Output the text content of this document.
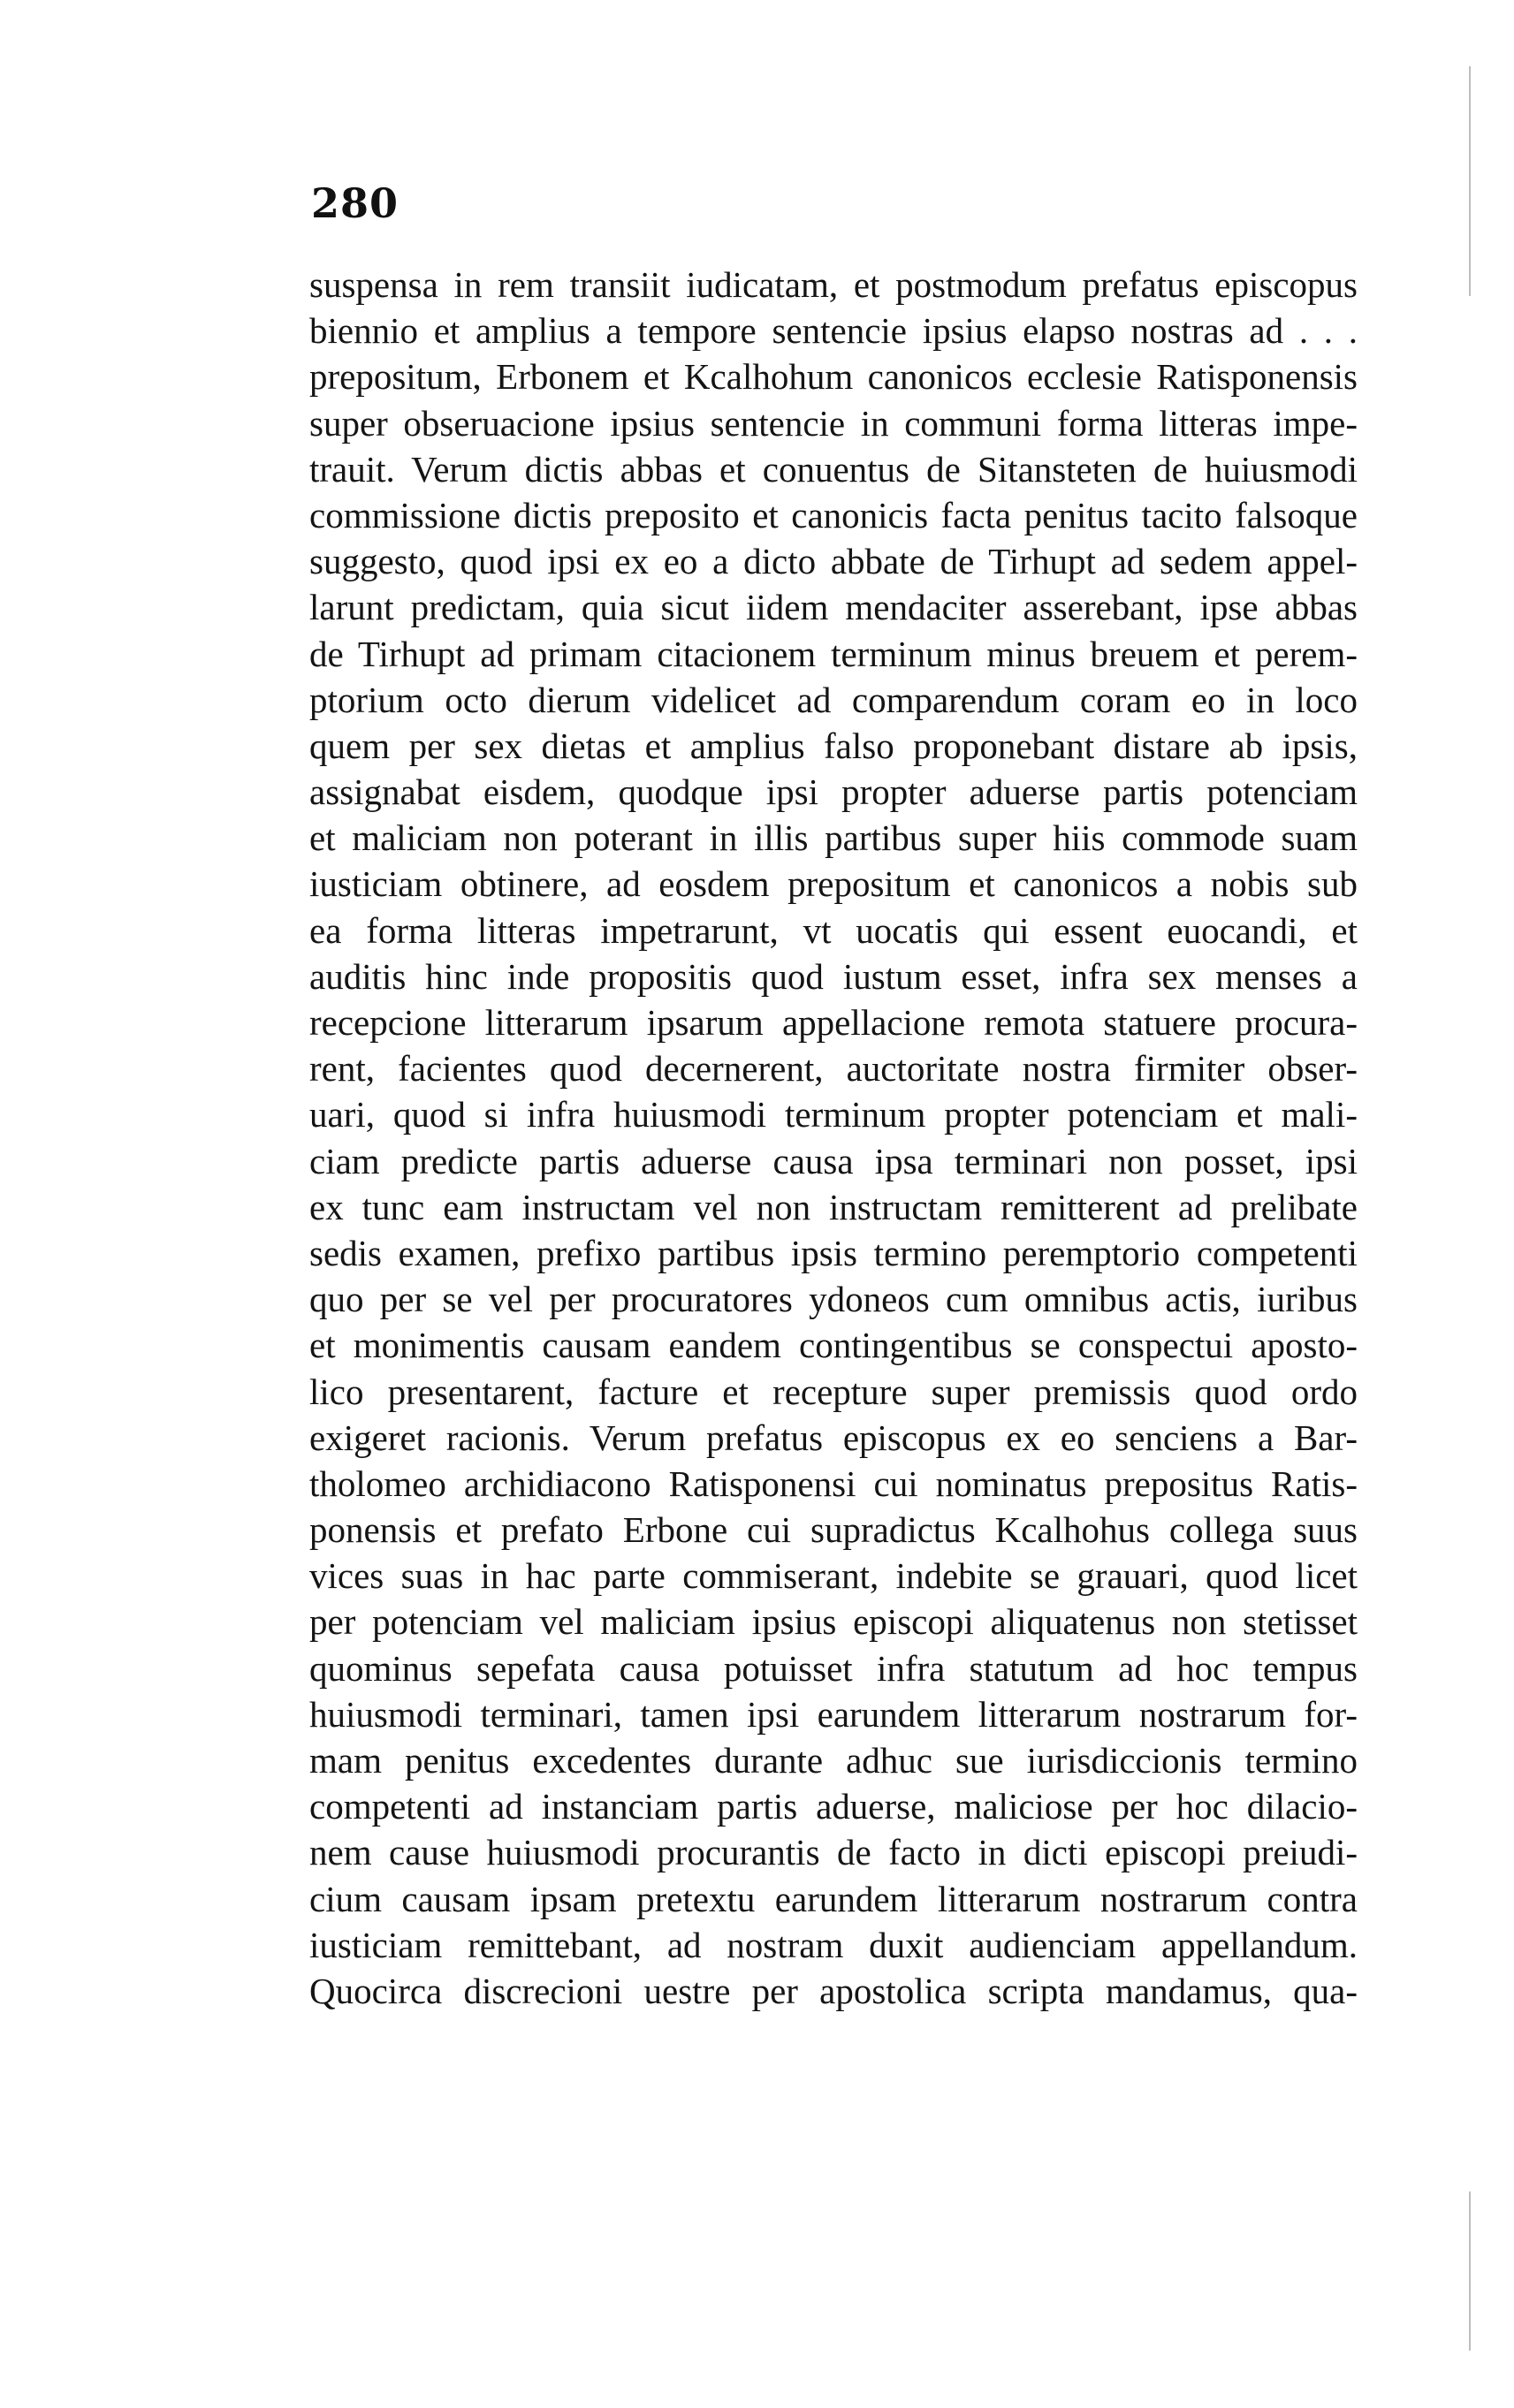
280
suspensa in rem transiit iudicatam, et postmodum prefatus episcopus
biennio et amplius a tempore sentencie ipsius elapso nostras ad . . .
prepositum, Erbonem et Kcalhohum canonicos ecclesie Ratisponensis
super obseruacione ipsius sentencie in communi forma litteras impe-
trauit. Verum dictis abbas et conuentus de Sitansteten de huiusmodi
commissione dictis preposito et canonicis facta penitus tacito falsoque
suggesto, quod ipsi ex eo a dicto abbate de Tirhupt ad sedem appel-
larunt predictam, quia sicut iidem mendaciter asserebant, ipse abbas
de Tirhupt ad primam citacionem terminum minus breuem et perem-
ptorium octo dierum videlicet ad comparendum coram eo in loco
quem per sex dietas et amplius falso proponebant distare ab ipsis,
assignabat eisdem, quodque ipsi propter aduerse partis potenciam
et maliciam non poterant in illis partibus super hiis commode suam
iusticiam obtinere, ad eosdem prepositum et canonicos a nobis sub
ea forma litteras impetrarunt, vt uocatis qui essent euocandi, et
auditis hinc inde propositis quod iustum esset, infra sex menses a
recepcione litterarum ipsarum appellacione remota statuere procura-
rent, facientes quod decernerent, auctoritate nostra firmiter obser-
uari, quod si infra huiusmodi terminum propter potenciam et mali-
ciam predicte partis aduerse causa ipsa terminari non posset, ipsi
ex tunc eam instructam vel non instructam remitterent ad prelibate
sedis examen, prefixo partibus ipsis termino peremptorio competenti
quo per se vel per procuratores ydoneos cum omnibus actis, iuribus
et monimentis causam eandem contingentibus se conspectui aposto-
lico presentarent, facture et recepture super premissis quod ordo
exigeret racionis. Verum prefatus episcopus ex eo senciens a Bar-
tholomeo archidiacono Ratisponensi cui nominatus prepositus Ratis-
ponensis et prefato Erbone cui supradictus Kcalhohus collega suus
vices suas in hac parte commiserant, indebite se grauari, quod licet
per potenciam vel maliciam ipsius episcopi aliquatenus non stetisset
quominus sepefata causa potuisset infra statutum ad hoc tempus
huiusmodi terminari, tamen ipsi earundem litterarum nostrarum for-
mam penitus excedentes durante adhuc sue iurisdiccionis termino
competenti ad instanciam partis aduerse, maliciose per hoc dilacio-
nem cause huiusmodi procurantis de facto in dicti episcopi preiudi-
cium causam ipsam pretextu earundem litterarum nostrarum contra
iusticiam remittebant, ad nostram duxit audienciam appellandum.
Quocirca discrecioni uestre per apostolica scripta mandamus, qua-
